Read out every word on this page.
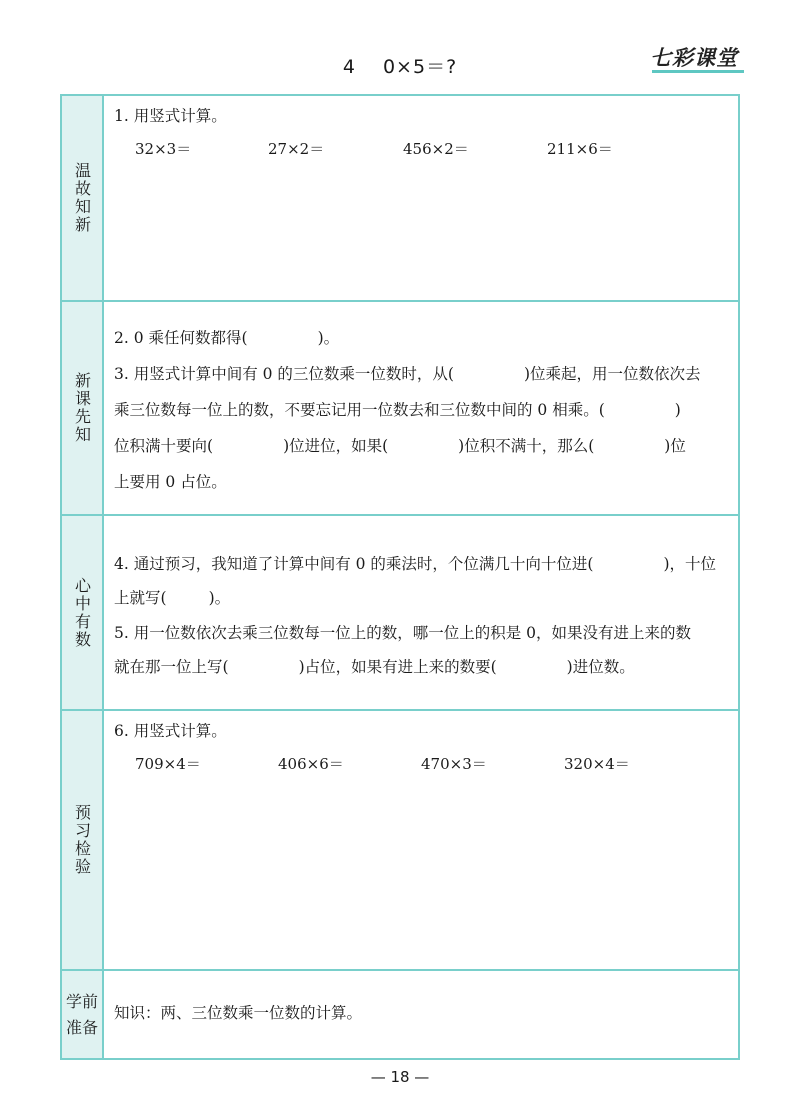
4 　0×5＝?	七彩课堂
温故知新
1. 用竖式计算。
32×3＝	27×2＝	456×2＝	211×6＝
新课先知
2. 0 乘任何数都得(	)。
3. 用竖式计算中间有 0 的三位数乘一位数时，从(	)位乘起，用一位数依次去
乘三位数每一位上的数，不要忘记用一位数去和三位数中间的 0 相乘。(	)
位积满十要向(	)位进位，如果(	)位积不满十，那么(	)位
上要用 0 占位。
心中有数
4. 通过预习，我知道了计算中间有 0 的乘法时，个位满几十向十位进(	)，十位
上就写(	)。
5. 用一位数依次去乘三位数每一位上的数，哪一位上的积是 0，如果没有进上来的数
就在那一位上写(	)占位，如果有进上来的数要(	)进位数。
预习检验
6. 用竖式计算。
709×4＝	406×6＝	470×3＝	320×4＝
学前
准备
知识：两、三位数乘一位数的计算。
— 18 —
